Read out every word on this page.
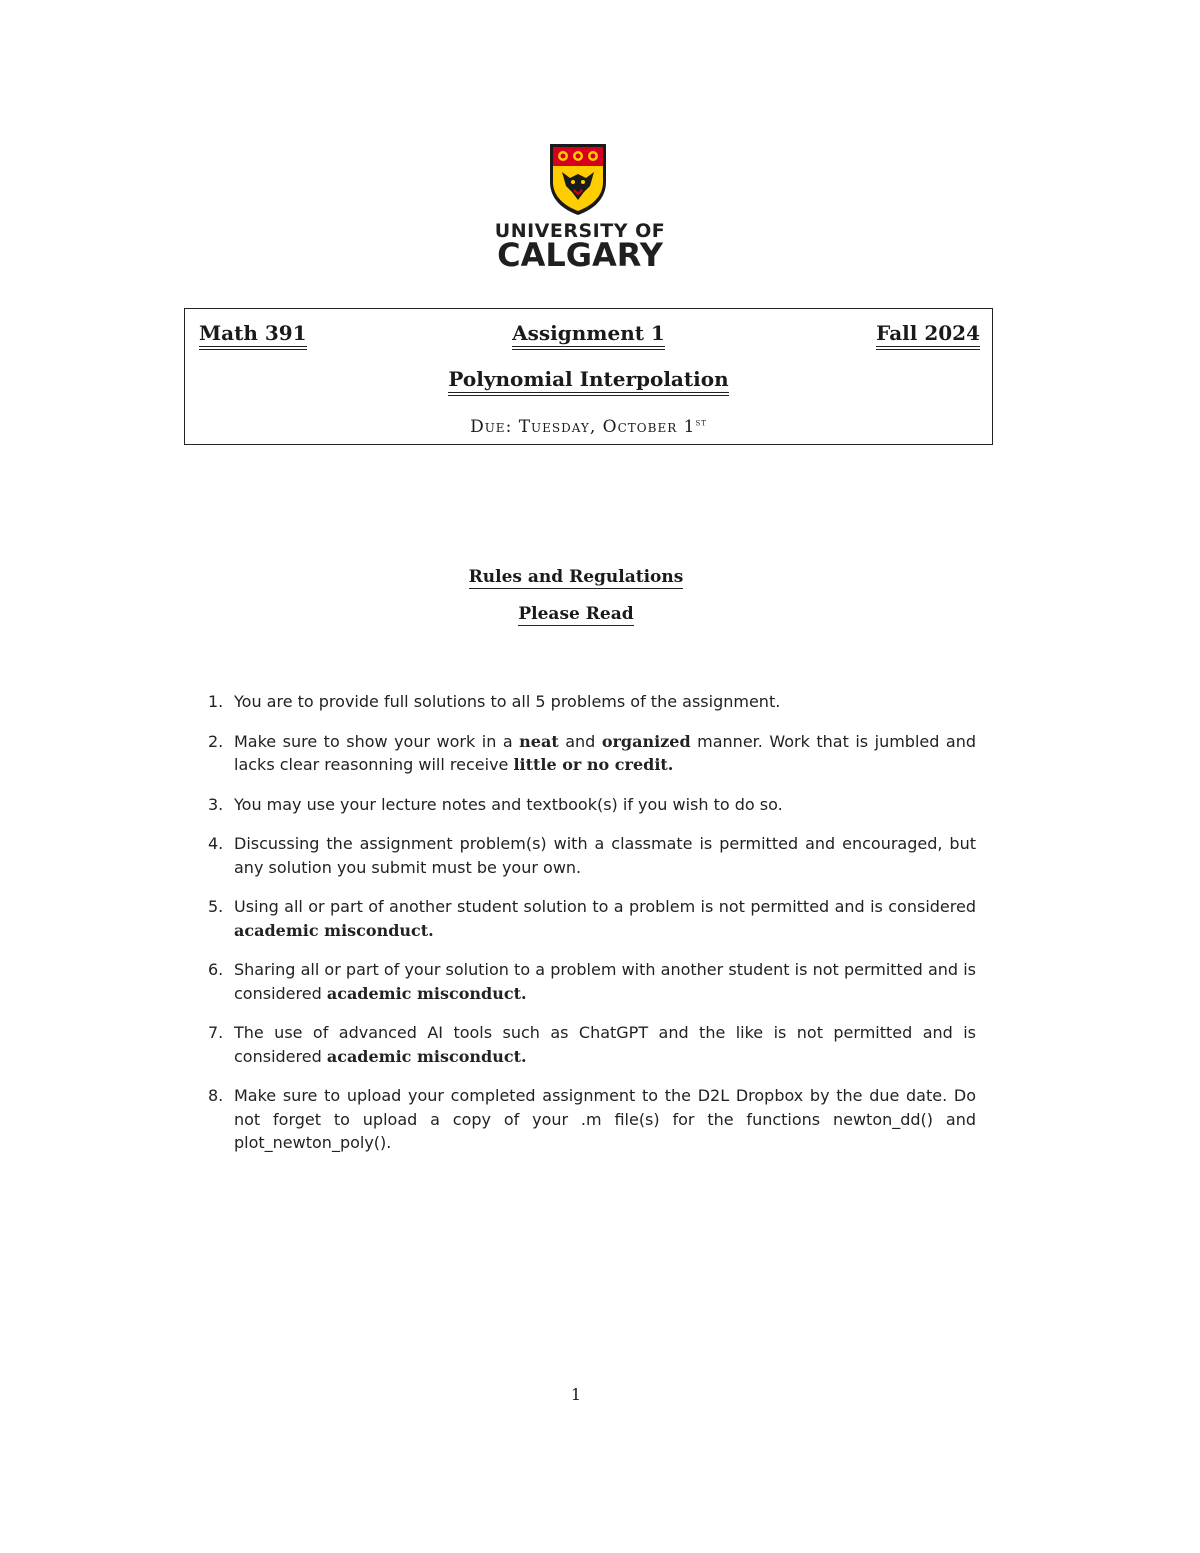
UNIVERSITY OF
CALGARY
Math 391	Assignment 1	Fall 2024
Polynomial Interpolation
Due: Tuesday, October 1st
Rules and Regulations
Please Read
1. You are to provide full solutions to all 5 problems of the assignment.
2. Make sure to show your work in a neat and organized manner. Work that is jumbled and lacks clear reasonning will receive little or no credit.
3. You may use your lecture notes and textbook(s) if you wish to do so.
4. Discussing the assignment problem(s) with a classmate is permitted and encouraged, but any solution you submit must be your own.
5. Using all or part of another student solution to a problem is not permitted and is considered academic misconduct.
6. Sharing all or part of your solution to a problem with another student is not permitted and is considered academic misconduct.
7. The use of advanced AI tools such as ChatGPT and the like is not permitted and is considered academic misconduct.
8. Make sure to upload your completed assignment to the D2L Dropbox by the due date. Do not forget to upload a copy of your .m file(s) for the functions newton_dd() and plot_newton_poly().
1
